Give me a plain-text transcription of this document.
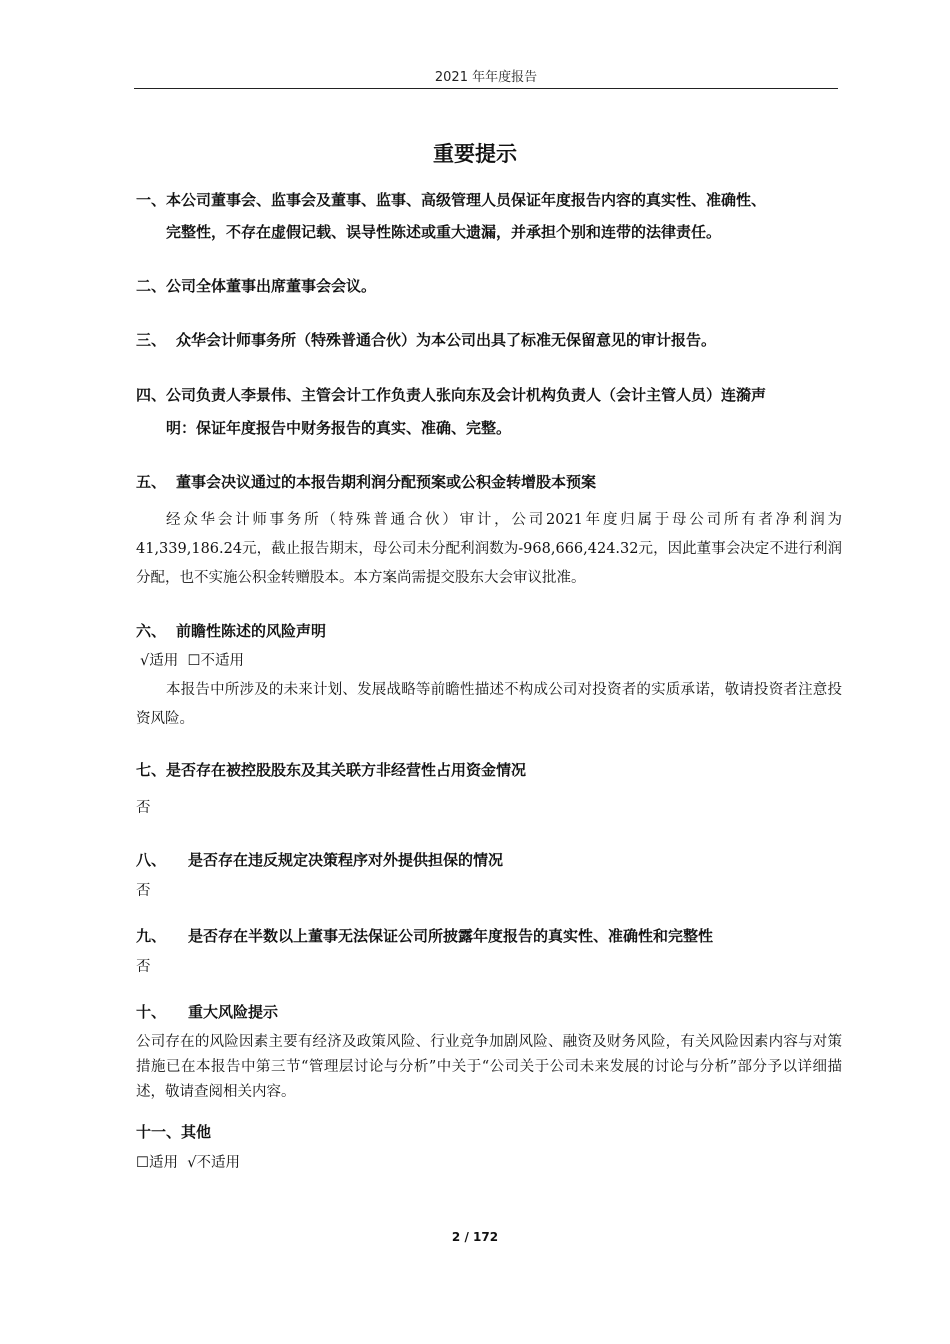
2021 年年度报告
重要提示
一、本公司董事会、监事会及董事、监事、高级管理人员保证年度报告内容的真实性、准确性、
完整性，不存在虚假记载、误导性陈述或重大遗漏，并承担个别和连带的法律责任。
二、公司全体董事出席董事会会议。
三、 众华会计师事务所（特殊普通合伙）为本公司出具了标准无保留意见的审计报告。
四、公司负责人李景伟、主管会计工作负责人张向东及会计机构负责人（会计主管人员）连漪声
明：保证年度报告中财务报告的真实、准确、完整。
五、 董事会决议通过的本报告期利润分配预案或公积金转增股本预案
经众华会计师事务所（特殊普通合伙）审计，公司2021年度归属于母公司所有者净利润为41,339,186.24元，截止报告期末，母公司未分配利润数为-968,666,424.32元，因此董事会决定不进行利润分配，也不实施公积金转赠股本。本方案尚需提交股东大会审议批准。
六、 前瞻性陈述的风险声明
√适用 ☐不适用
本报告中所涉及的未来计划、发展战略等前瞻性描述不构成公司对投资者的实质承诺，敬请投资者注意投资风险。
七、是否存在被控股股东及其关联方非经营性占用资金情况
否
八、 是否存在违反规定决策程序对外提供担保的情况
否
九、 是否存在半数以上董事无法保证公司所披露年度报告的真实性、准确性和完整性
否
十、 重大风险提示
公司存在的风险因素主要有经济及政策风险、行业竞争加剧风险、融资及财务风险，有关风险因素内容与对策措施已在本报告中第三节“管理层讨论与分析”中关于“公司关于公司未来发展的讨论与分析”部分予以详细描述，敬请查阅相关内容。
十一、其他
☐适用 √不适用
2 / 172
